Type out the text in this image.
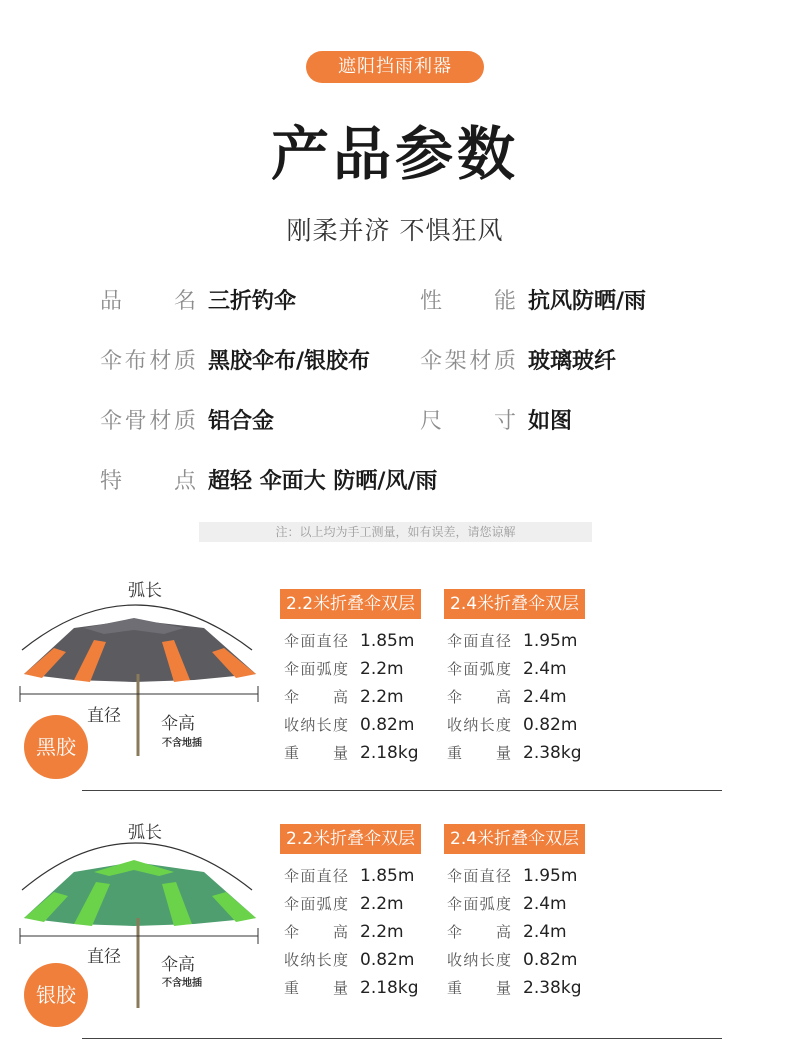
遮阳挡雨利器
产品参数
刚柔并济 不惧狂风
品　　名 三折钓伞	性　　能 抗风防晒/雨
伞布材质 黑胶伞布/银胶布 伞架材质 玻璃玻纤
伞骨材质 铝合金	尺　　寸 如图
特　　点 超轻 伞面大 防晒/风/雨
注：以上均为手工测量，如有误差，请您谅解
弧长
直径 伞高
不含地插
黑胶
2.2米折叠伞双层
伞面直径 1.85m
伞面弧度 2.2m
伞　　高 2.2m
收纳长度 0.82m
重　　量 2.18kg
2.4米折叠伞双层
伞面直径 1.95m
伞面弧度 2.4m
伞　　高 2.4m
收纳长度 0.82m
重　　量 2.38kg
弧长
直径 伞高
不含地插
银胶
2.2米折叠伞双层
伞面直径 1.85m
伞面弧度 2.2m
伞　　高 2.2m
收纳长度 0.82m
重　　量 2.18kg
2.4米折叠伞双层
伞面直径 1.95m
伞面弧度 2.4m
伞　　高 2.4m
收纳长度 0.82m
重　　量 2.38kg
